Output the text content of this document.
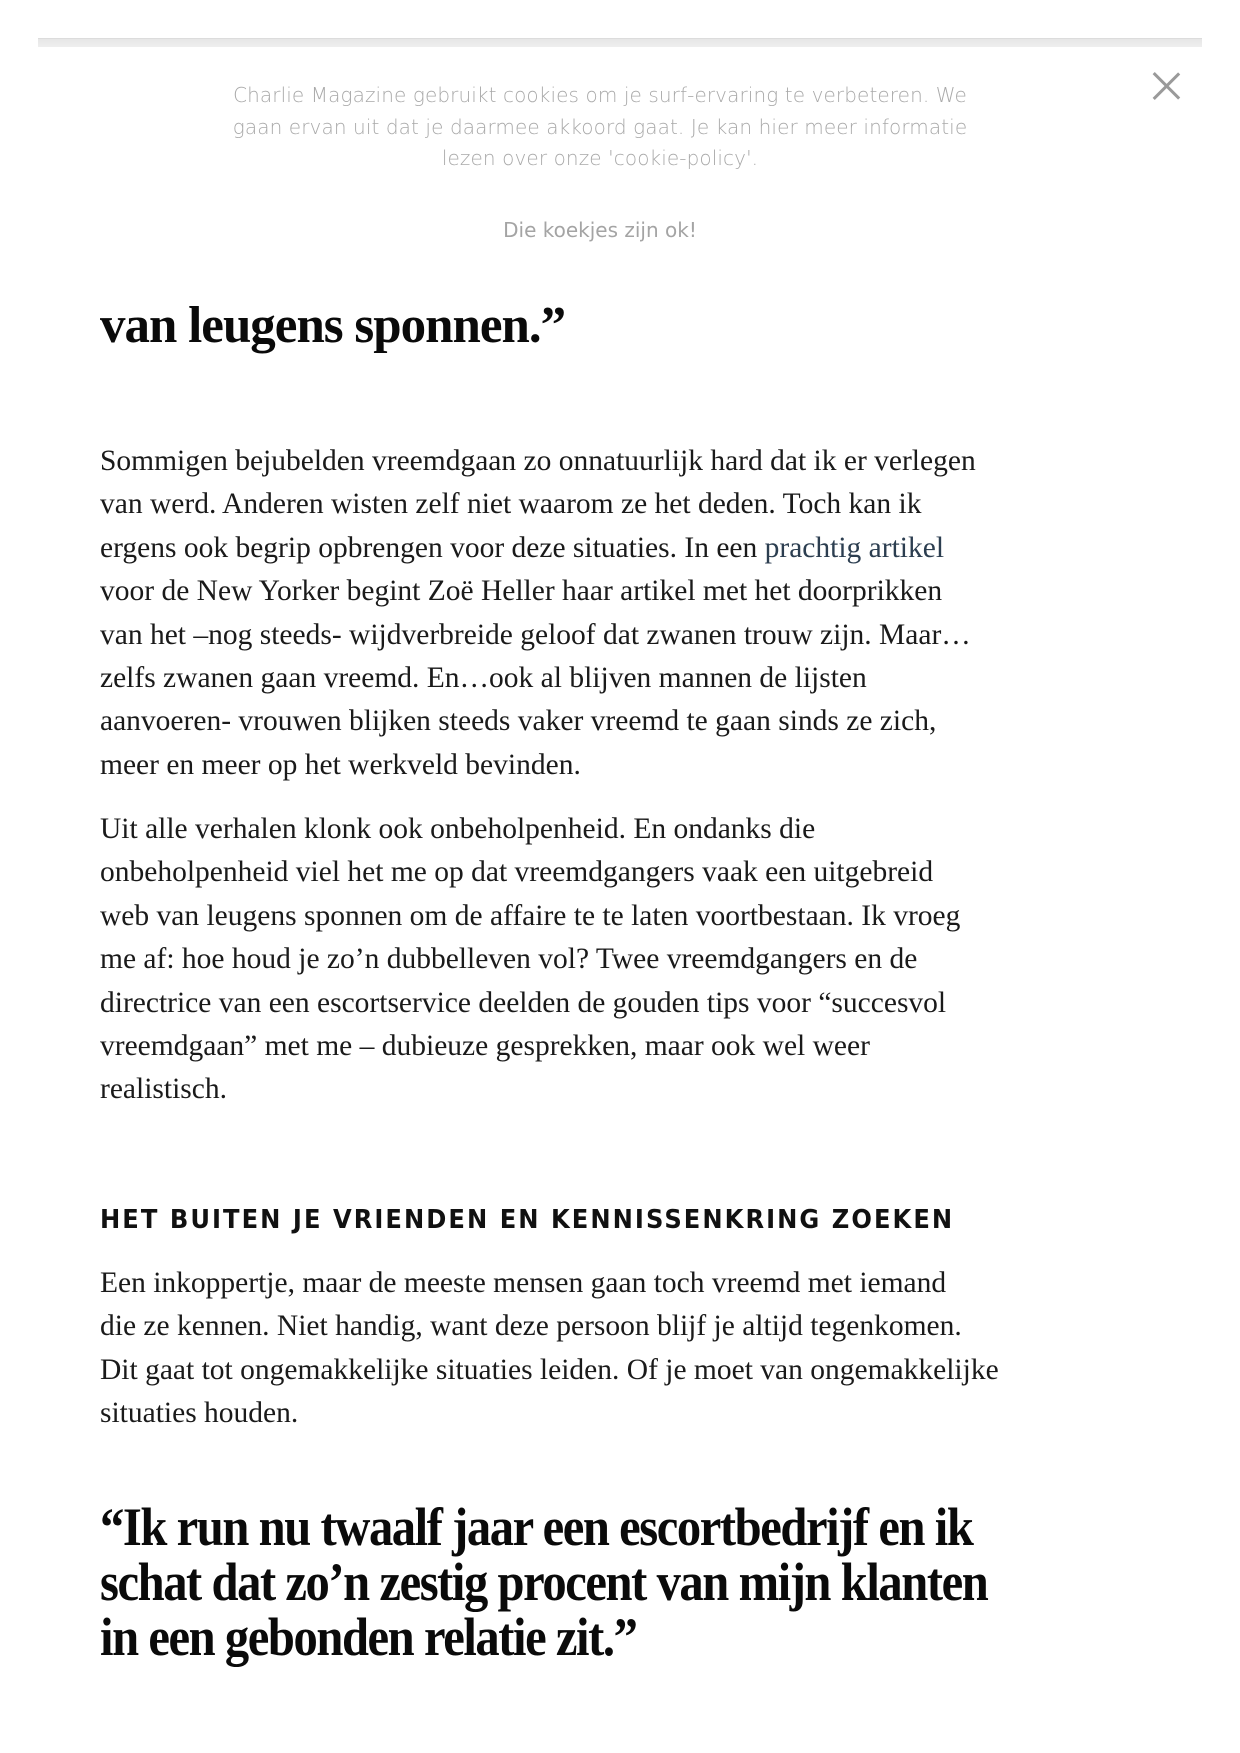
Charlie Magazine gebruikt cookies om je surf-ervaring te verbeteren. We
gaan ervan uit dat je daarmee akkoord gaat. Je kan hier meer informatie
lezen over onze 'cookie-policy'.
Die koekjes zijn ok!
van leugens sponnen.”

Sommigen bejubelden vreemdgaan zo onnatuurlijk hard dat ik er verlegen
van werd. Anderen wisten zelf niet waarom ze het deden. Toch kan ik
ergens ook begrip opbrengen voor deze situaties. In een prachtig artikel
voor de New Yorker begint Zoë Heller haar artikel met het doorprikken
van het –nog steeds- wijdverbreide geloof dat zwanen trouw zijn. Maar…
zelfs zwanen gaan vreemd. En…ook al blijven mannen de lijsten
aanvoeren- vrouwen blijken steeds vaker vreemd te gaan sinds ze zich,
meer en meer op het werkveld bevinden.

Uit alle verhalen klonk ook onbeholpenheid. En ondanks die
onbeholpenheid viel het me op dat vreemdgangers vaak een uitgebreid
web van leugens sponnen om de affaire te te laten voortbestaan. Ik vroeg
me af: hoe houd je zo’n dubbelleven vol? Twee vreemdgangers en de
directrice van een escortservice deelden de gouden tips voor “succesvol
vreemdgaan” met me – dubieuze gesprekken, maar ook wel weer
realistisch.

HET BUITEN JE VRIENDEN EN KENNISSENKRING ZOEKEN

Een inkoppertje, maar de meeste mensen gaan toch vreemd met iemand
die ze kennen. Niet handig, want deze persoon blijf je altijd tegenkomen.
Dit gaat tot ongemakkelijke situaties leiden. Of je moet van ongemakkelijke
situaties houden.

“Ik run nu twaalf jaar een escortbedrijf en ik
schat dat zo’n zestig procent van mijn klanten
in een gebonden relatie zit.”
